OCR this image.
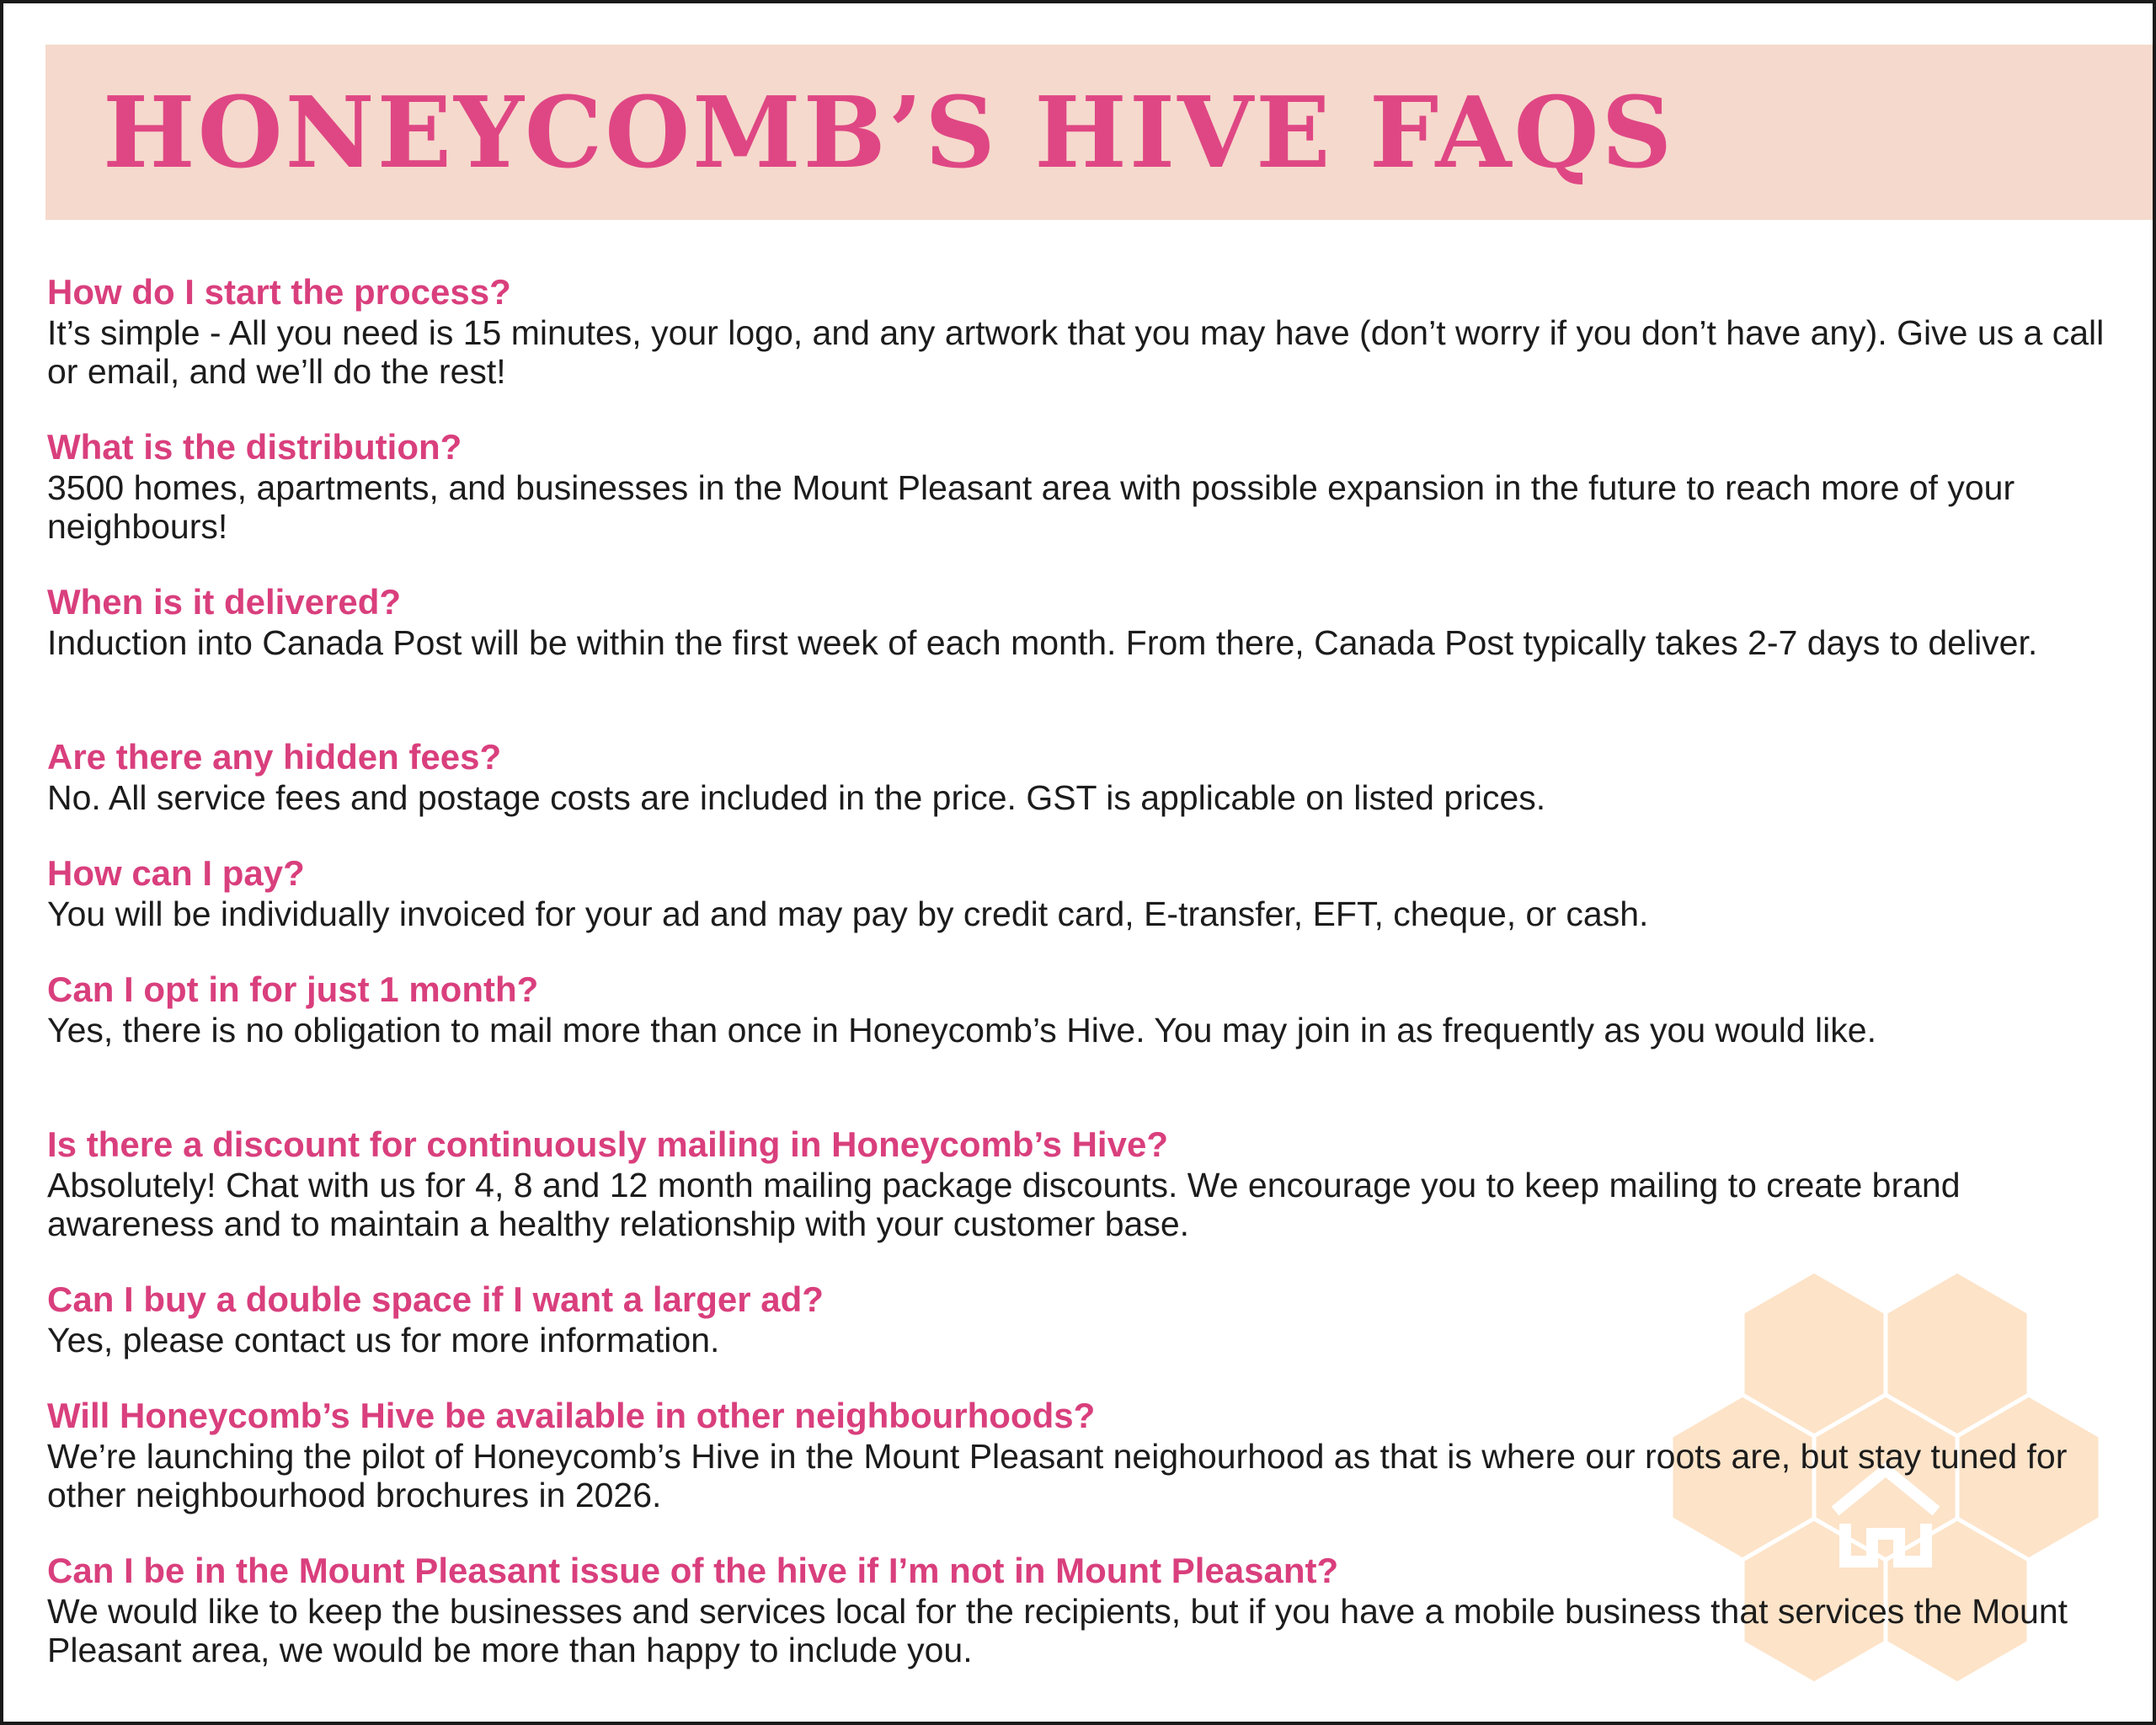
HONEYCOMB’S HIVE FAQS

How do I start the process?

It’s simple - All you need is 15 minutes, your logo, and any artwork that you may have (don’t worry if you don’t have any). Give us a call or email, and we’ll do the rest!

What is the distribution?

3500 homes, apartments, and businesses in the Mount Pleasant area with possible expansion in the future to reach more of your neighbours!

When is it delivered?

Induction into Canada Post will be within the first week of each month. From there, Canada Post typically takes 2-7 days to deliver.

Are there any hidden fees?

No. All service fees and postage costs are included in the price. GST is applicable on listed prices.

How can I pay?

You will be individually invoiced for your ad and may pay by credit card, E-transfer, EFT, cheque, or cash.

Can I opt in for just 1 month?

Yes, there is no obligation to mail more than once in Honeycomb’s Hive. You may join in as frequently as you would like.

Is there a discount for continuously mailing in Honeycomb’s Hive?

Absolutely! Chat with us for 4, 8 and 12 month mailing package discounts. We encourage you to keep mailing to create brand awareness and to maintain a healthy relationship with your customer base.

Can I buy a double space if I want a larger ad?

Yes, please contact us for more information.

Will Honeycomb’s Hive be available in other neighbourhoods?

We’re launching the pilot of Honeycomb’s Hive in the Mount Pleasant neighourhood as that is where our roots are, but stay tuned for other neighbourhood brochures in 2026.

Can I be in the Mount Pleasant issue of the hive if I’m not in Mount Pleasant?

We would like to keep the businesses and services local for the recipients, but if you have a mobile business that services the Mount Pleasant area, we would be more than happy to include you.
